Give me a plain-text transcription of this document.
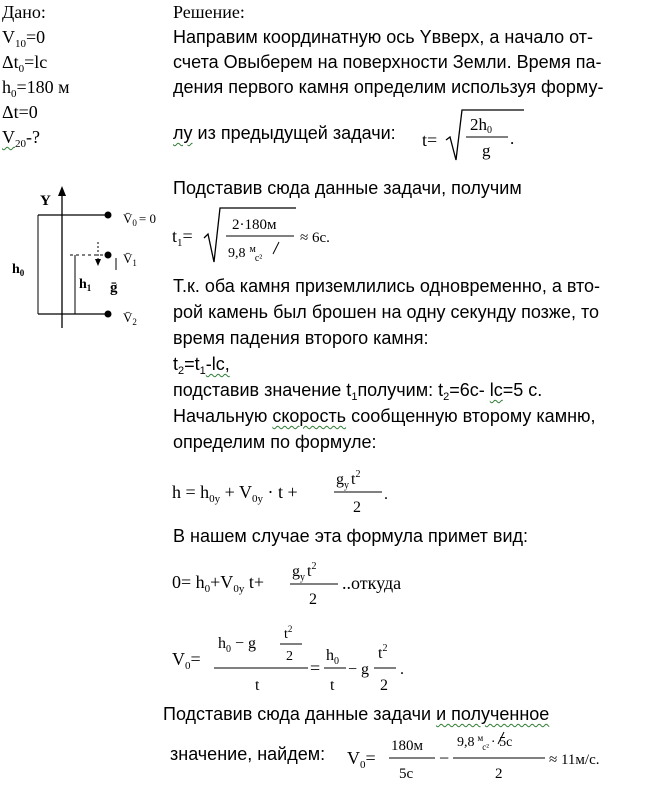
Дано:
$V_{10}=0$
$\Delta t_0=lc$
$h_0=180$ м
Δt=0
$V_{20}-$?
Y
$h_0$
$h_1$ ḡ
$V̄_0 = 0$
$V̄_1$
$V̄_2$
Решение:
Направим координатную ось Yвверх, а начало от-
счета Овыберем на поверхности Земли. Время па-
дения первого камня определим используя форму-
лу из предыдущей задачи: t=
2h0
g
.
Подставив сюда данные задачи, получим
$t_1=$
2·180м
9,8 $^м$с²
≈ 6с.
Т.к. оба камня приземлились одновременно, а вто-
рой камень был брошен на одну секунду позже, то
время падения второго камня:
$t_2=t_1-lc$,
подставив значение $t_1получим$: $t_2=6с-$ lc=5 с.
Начальную скорость сообщенную второму камню,
определим по формуле:
$h = h_{0y} + V_{0y} \cdot t$ +
$g_y$ $t^2$
2
.
В нашем случае эта формула примет вид:
$0= h_0+V_{0y}$ t+
$g_y$ $t^2$
2
..откуда
$V_0=$
$h_0 - g$
$t^2$
2
t
=
$h_0$
t
− g
$t^2$
2
.
Подставив сюда данные задачи и полученное
значение, найдем: $V_0=$
180м
5с
−
9,8 $^м$с² · 5с
2
≈ 11м/с.
